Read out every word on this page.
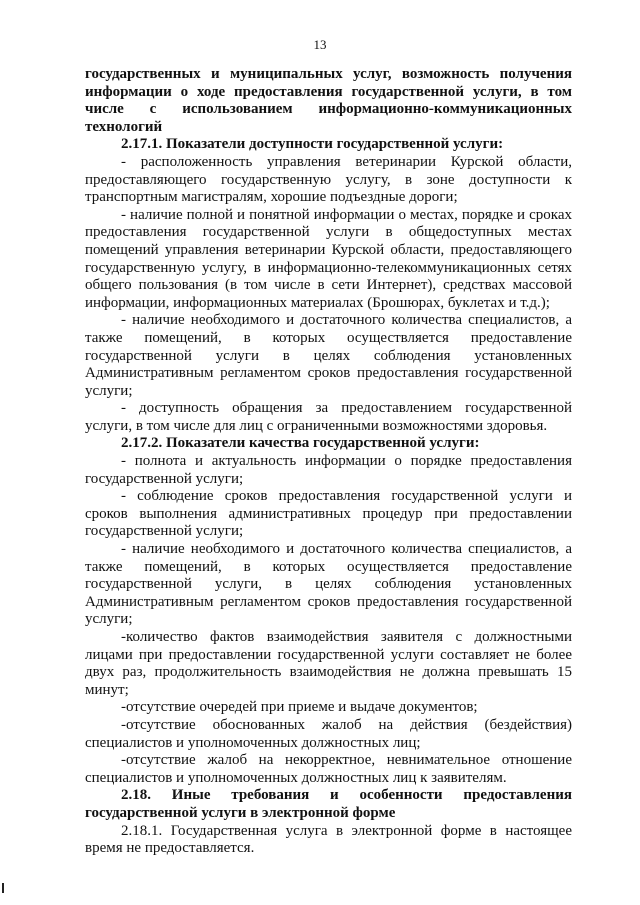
13

государственных и муниципальных услуг, возможность получения информации о ходе предоставления государственной услуги, в том числе с использованием информационно-коммуникационных технологий

2.17.1. Показатели доступности государственной услуги:

- расположенность управления ветеринарии Курской области, предоставляющего государственную услугу, в зоне доступности к транспортным магистралям, хорошие подъездные дороги;

- наличие полной и понятной информации о местах, порядке и сроках предоставления государственной услуги в общедоступных местах помещений управления ветеринарии Курской области, предоставляющего государственную услугу, в информационно-телекоммуникационных сетях общего пользования (в том числе в сети Интернет), средствах массовой информации, информационных материалах (Брошюрах, буклетах и т.д.);

- наличие необходимого и достаточного количества специалистов, а также помещений, в которых осуществляется предоставление государственной услуги в целях соблюдения установленных Административным регламентом сроков предоставления государственной услуги;

- доступность обращения за предоставлением государственной услуги, в том числе для лиц с ограниченными возможностями здоровья.

2.17.2. Показатели качества государственной услуги:

- полнота и актуальность информации о порядке предоставления государственной услуги;

- соблюдение сроков предоставления государственной услуги и сроков выполнения административных процедур при предоставлении государственной услуги;

- наличие необходимого и достаточного количества специалистов, а также помещений, в которых осуществляется предоставление государственной услуги, в целях соблюдения установленных Административным регламентом сроков предоставления государственной услуги;

-количество фактов взаимодействия заявителя с должностными лицами при предоставлении государственной услуги составляет не более двух раз, продолжительность взаимодействия не должна превышать 15 минут;

-отсутствие очередей при приеме и выдаче документов;

-отсутствие обоснованных жалоб на действия (бездействия) специалистов и уполномоченных должностных лиц;

-отсутствие жалоб на некорректное, невнимательное отношение специалистов и уполномоченных должностных лиц к заявителям.

2.18. Иные требования и особенности предоставления государственной услуги в электронной форме

2.18.1. Государственная услуга в электронной форме в настоящее время не предоставляется.
